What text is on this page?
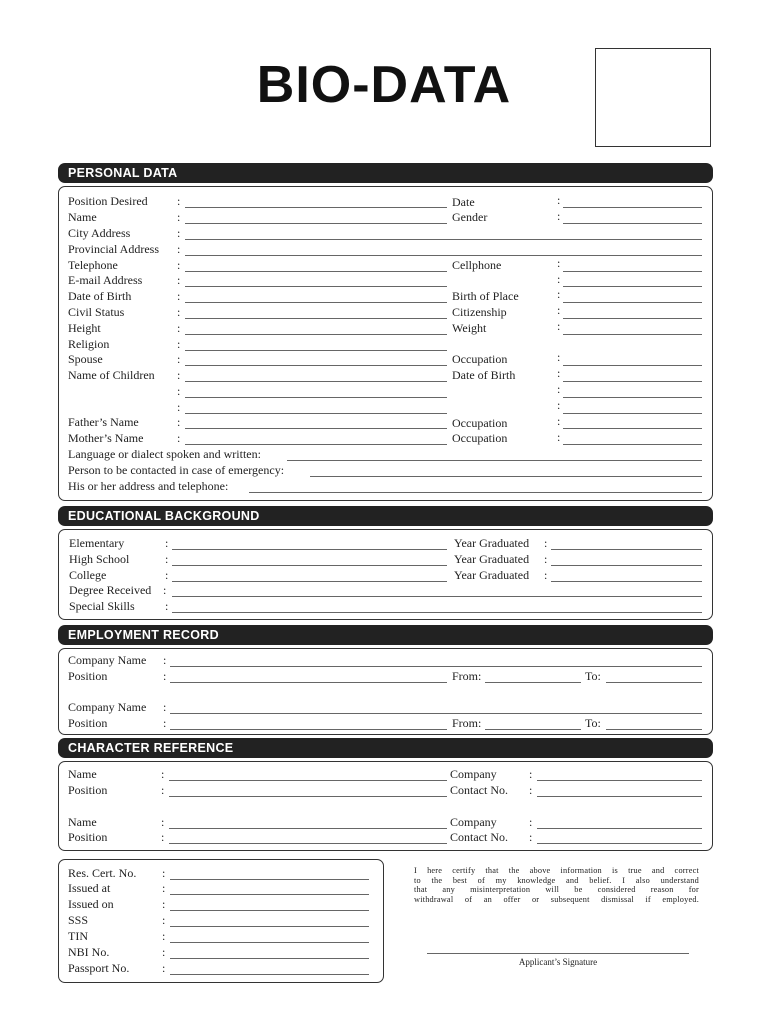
BIO-DATA
PERSONAL DATA
Position Desired
Name
City Address
Provincial Address
Telephone
E-mail Address
Date of Birth
Civil Status
Height
Religion
Spouse
Name of Children
Father’s Name
Mother’s Name
Language or dialect spoken and written:
Person to be contacted in case of emergency:
His or her address and telephone:
:
:
:
:
:
:
:
:
:
:
:
:
:
:
:
:
Date
Gender
Cellphone
Birth of Place
Citizenship
Weight
Occupation
Date of Birth
Occupation
Occupation
:
:
:
:
:
:
:
:
:
:
:
:
:
EDUCATIONAL BACKGROUND
Elementary
High School
College
Degree Received
Special Skills
:
:
:
:
:
Year Graduated
Year Graduated
Year Graduated
:
:
:
EMPLOYMENT RECORD
Company Name
Position
Company Name
Position
:
:
:
:
From:	To:
From:	To:
CHARACTER REFERENCE
Name
Position
Name
Position
:
:
:
:
Company
Contact No.
Company
Contact No.
:
:
:
:
Res. Cert. No.
Issued at
Issued on
SSS
TIN
NBI No.
Passport No.
:
:
:
:
:
:
:
I here certify that the above information is true and correct
to the best of my knowledge and belief. I also understand
that any misinterpretation will be considered reason for
withdrawal of an offer or subsequent dismissal if employed.
Applicant’s Signature
